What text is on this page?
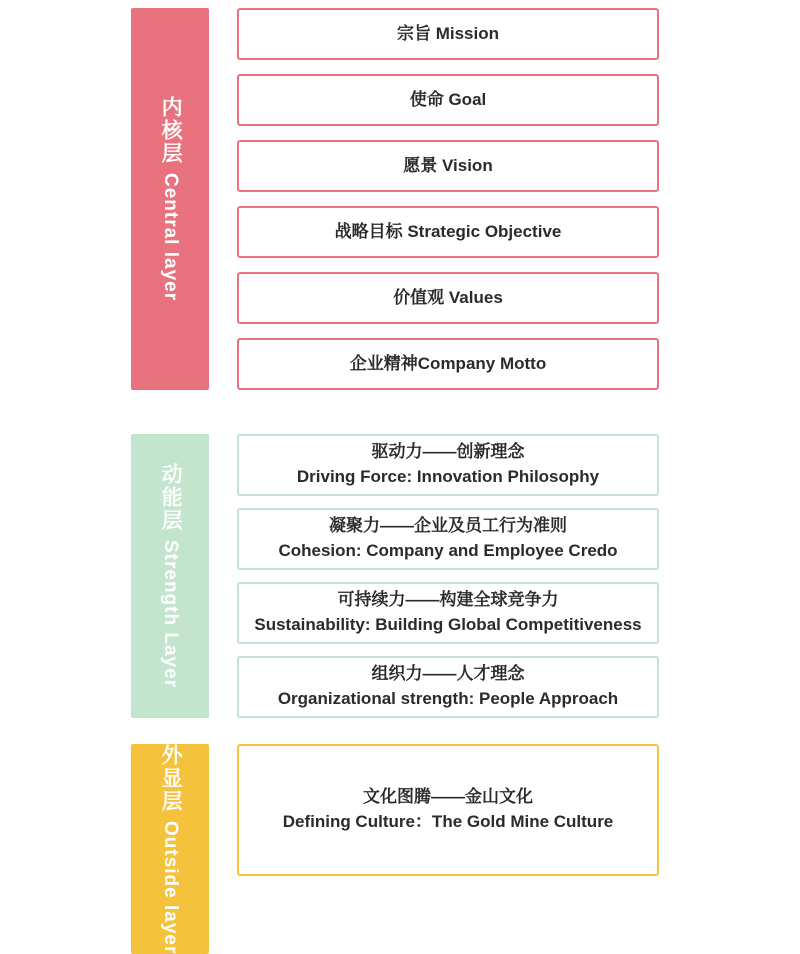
内核层
Central layer
宗旨 Mission
使命 Goal
愿景 Vision
战略目标 Strategic Objective
价值观 Values
企业精神Company Motto
动能层
Strength Layer
驱动力——创新理念
Driving Force: Innovation Philosophy
凝聚力——企业及员工行为准则
Cohesion: Company and Employee Credo
可持续力——构建全球竞争力
Sustainability: Building Global Competitiveness
组织力——人才理念
Organizational strength: People Approach
外显层
Outside layer
文化图腾——金山文化
Defining Culture：The Gold Mine Culture
